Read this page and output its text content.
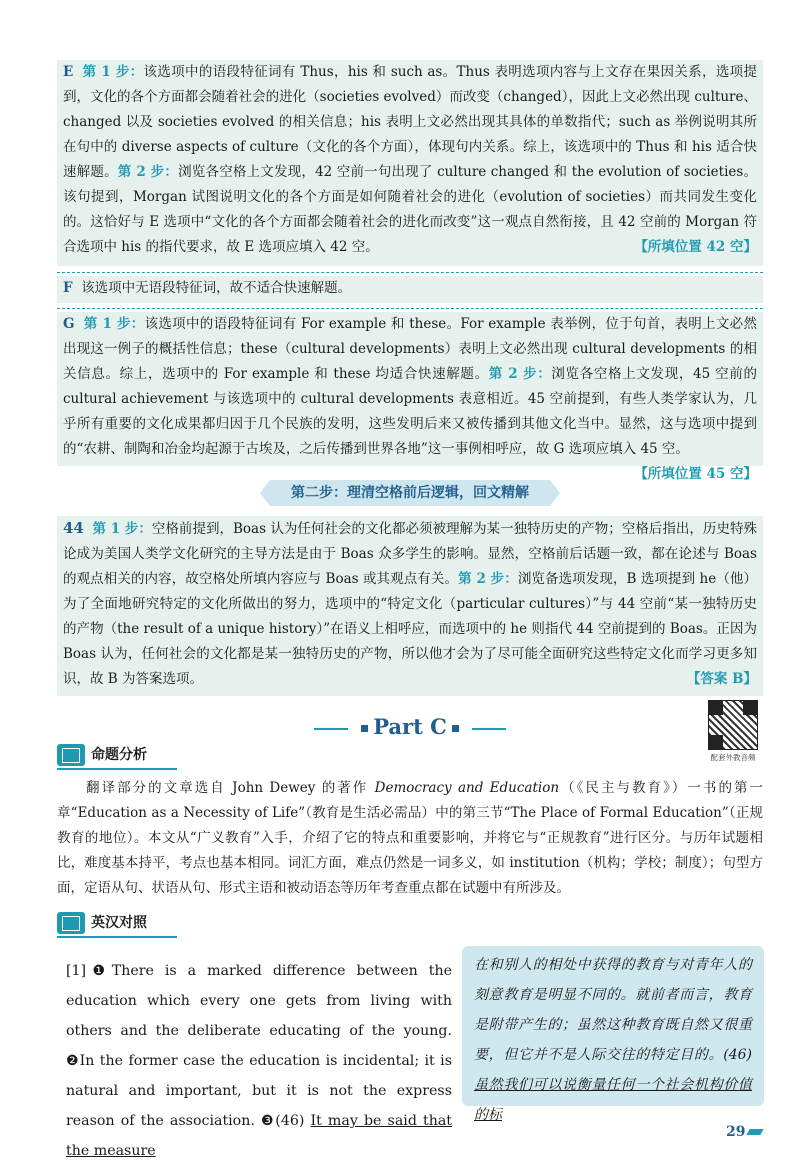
E 第 1 步：该选项中的语段特征词有 Thus，his 和 such as。Thus 表明选项内容与上文存在果因关系，选项提到，文化的各个方面都会随着社会的进化（societies evolved）而改变（changed），因此上文必然出现 culture、changed 以及 societies evolved 的相关信息；his 表明上文必然出现其具体的单数指代；such as 举例说明其所在句中的 diverse aspects of culture（文化的各个方面），体现句内关系。综上，该选项中的 Thus 和 his 适合快速解题。第 2 步：浏览各空格上文发现，42 空前一句出现了 culture changed 和 the evolution of societies。该句提到，Morgan 试图说明文化的各个方面是如何随着社会的进化（evolution of societies）而共同发生变化的。这恰好与 E 选项中“文化的各个方面都会随着社会的进化而改变”这一观点自然衔接，且 42 空前的 Morgan 符合选项中 his 的指代要求，故 E 选项应填入 42 空。	【所填位置 42 空】

F 该选项中无语段特征词，故不适合快速解题。

G 第 1 步：该选项中的语段特征词有 For example 和 these。For example 表举例，位于句首，表明上文必然出现这一例子的概括性信息；these（cultural developments）表明上文必然出现 cultural developments 的相关信息。综上，选项中的 For example 和 these 均适合快速解题。第 2 步：浏览各空格上文发现，45 空前的 cultural achievement 与该选项中的 cultural developments 表意相近。45 空前提到，有些人类学家认为，几乎所有重要的文化成果都归因于几个民族的发明，这些发明后来又被传播到其他文化当中。显然，这与选项中提到的“农耕、制陶和冶金均起源于古埃及，之后传播到世界各地”这一事例相呼应，故 G 选项应填入 45 空。
【所填位置 45 空】

第二步：理清空格前后逻辑，回文精解

44 第 1 步：空格前提到，Boas 认为任何社会的文化都必须被理解为某一独特历史的产物；空格后指出，历史特殊论成为美国人类学文化研究的主导方法是由于 Boas 众多学生的影响。显然，空格前后话题一致，都在论述与 Boas 的观点相关的内容，故空格处所填内容应与 Boas 或其观点有关。第 2 步：浏览备选项发现，B 选项提到 he（他）为了全面地研究特定的文化所做出的努力，选项中的“特定文化（particular cultures）”与 44 空前“某一独特历史的产物（the result of a unique history）”在语义上相呼应，而选项中的 he 则指代 44 空前提到的 Boas。正因为 Boas 认为，任何社会的文化都是某一独特历史的产物，所以他才会为了尽可能全面研究这些特定文化而学习更多知识，故 B 为答案选项。	【答案 B】

Part C
配套外教音频
命题分析

  翻译部分的文章选自 John Dewey 的著作 Democracy and Education（《民主与教育》）一书的第一章“Education as a Necessity of Life”（教育是生活必需品）中的第三节“The Place of Formal Education”（正规教育的地位）。本文从“广义教育”入手，介绍了它的特点和重要影响，并将它与“正规教育”进行区分。与历年试题相比，难度基本持平，考点也基本相同。词汇方面，难点仍然是一词多义，如 institution（机构；学校；制度）；句型方面，定语从句、状语从句、形式主语和被动语态等历年考查重点都在试题中有所涉及。

英汉对照

[1]❶There is a marked difference between the education which every one gets from living with others and the deliberate educating of the young. ❷In the former case the education is incidental; it is natural and important, but it is not the express reason of the association. ❸(46) It may be said that the measure

在和别人的相处中获得的教育与对青年人的刻意教育是明显不同的。就前者而言，教育是附带产生的；虽然这种教育既自然又很重要，但它并不是人际交往的特定目的。(46) 虽然我们可以说衡量任何一个社会机构价值的标

29
